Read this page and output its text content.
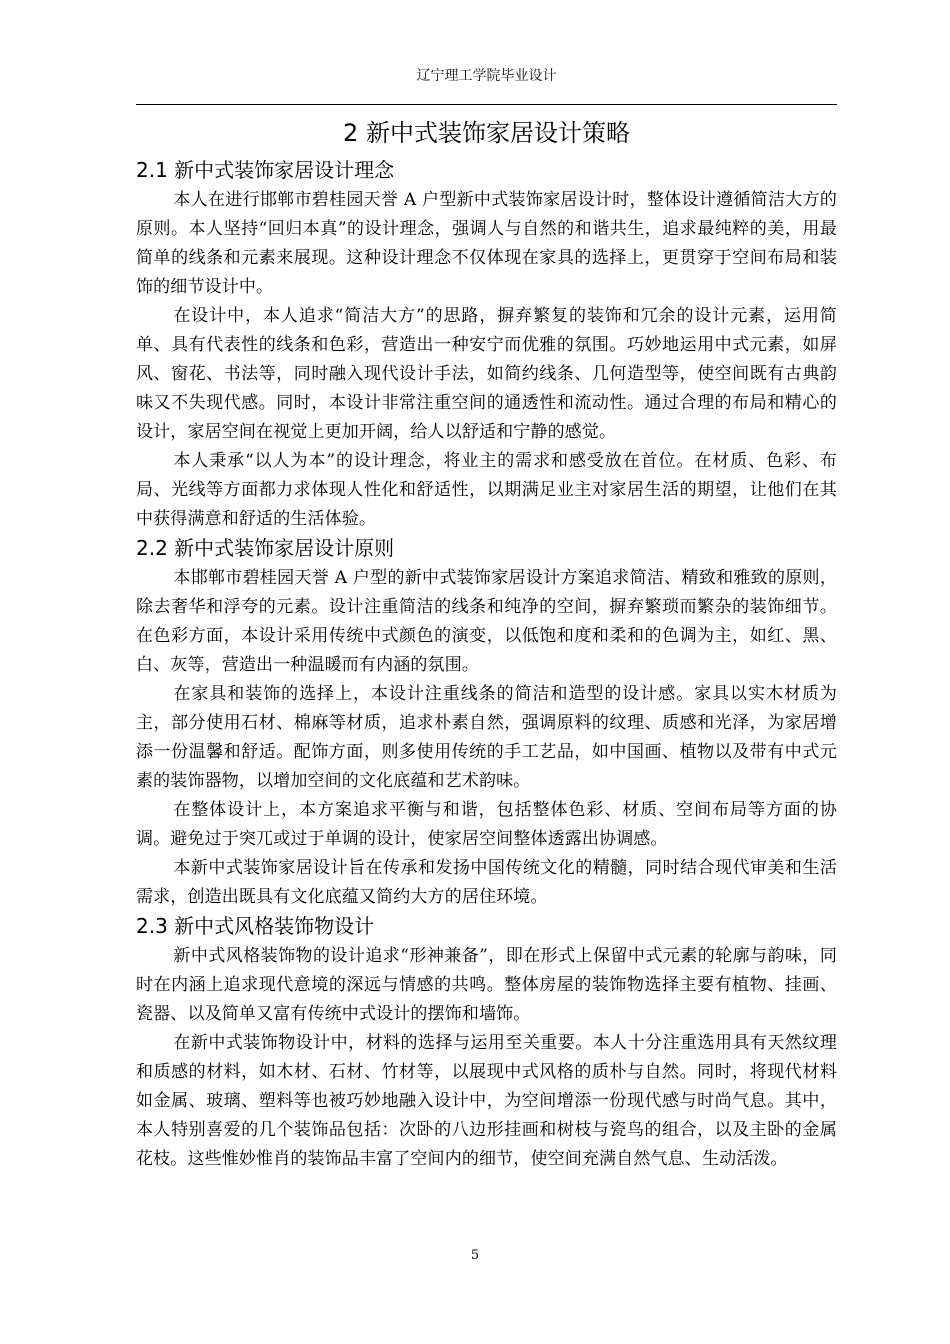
辽宁理工学院毕业设计
2 新中式装饰家居设计策略
2.1 新中式装饰家居设计理念

本人在进行邯郸市碧桂园天誉 A 户型新中式装饰家居设计时，整体设计遵循简洁大方的原则。本人坚持“回归本真”的设计理念，强调人与自然的和谐共生，追求最纯粹的美，用最简单的线条和元素来展现。这种设计理念不仅体现在家具的选择上，更贯穿于空间布局和装饰的细节设计中。

在设计中，本人追求“简洁大方”的思路，摒弃繁复的装饰和冗余的设计元素，运用简单、具有代表性的线条和色彩，营造出一种安宁而优雅的氛围。巧妙地运用中式元素，如屏风、窗花、书法等，同时融入现代设计手法，如简约线条、几何造型等，使空间既有古典韵味又不失现代感。同时，本设计非常注重空间的通透性和流动性。通过合理的布局和精心的设计，家居空间在视觉上更加开阔，给人以舒适和宁静的感觉。

本人秉承“以人为本”的设计理念，将业主的需求和感受放在首位。在材质、色彩、布局、光线等方面都力求体现人性化和舒适性，以期满足业主对家居生活的期望，让他们在其中获得满意和舒适的生活体验。

2.2 新中式装饰家居设计原则

本邯郸市碧桂园天誉 A 户型的新中式装饰家居设计方案追求简洁、精致和雅致的原则，除去奢华和浮夸的元素。设计注重简洁的线条和纯净的空间，摒弃繁琐而繁杂的装饰细节。在色彩方面，本设计采用传统中式颜色的演变，以低饱和度和柔和的色调为主，如红、黑、白、灰等，营造出一种温暖而有内涵的氛围。

在家具和装饰的选择上，本设计注重线条的简洁和造型的设计感。家具以实木材质为主，部分使用石材、棉麻等材质，追求朴素自然，强调原料的纹理、质感和光泽，为家居增添一份温馨和舒适。配饰方面，则多使用传统的手工艺品，如中国画、植物以及带有中式元素的装饰器物，以增加空间的文化底蕴和艺术韵味。

在整体设计上，本方案追求平衡与和谐，包括整体色彩、材质、空间布局等方面的协调。避免过于突兀或过于单调的设计，使家居空间整体透露出协调感。

本新中式装饰家居设计旨在传承和发扬中国传统文化的精髓，同时结合现代审美和生活需求，创造出既具有文化底蕴又简约大方的居住环境。

2.3 新中式风格装饰物设计

新中式风格装饰物的设计追求“形神兼备”，即在形式上保留中式元素的轮廓与韵味，同时在内涵上追求现代意境的深远与情感的共鸣。整体房屋的装饰物选择主要有植物、挂画、瓷器、以及简单又富有传统中式设计的摆饰和墙饰。

在新中式装饰物设计中，材料的选择与运用至关重要。本人十分注重选用具有天然纹理和质感的材料，如木材、石材、竹材等，以展现中式风格的质朴与自然。同时，将现代材料如金属、玻璃、塑料等也被巧妙地融入设计中，为空间增添一份现代感与时尚气息。其中，本人特别喜爱的几个装饰品包括：次卧的八边形挂画和树枝与瓷鸟的组合，以及主卧的金属花枝。这些惟妙惟肖的装饰品丰富了空间内的细节，使空间充满自然气息、生动活泼。

5
